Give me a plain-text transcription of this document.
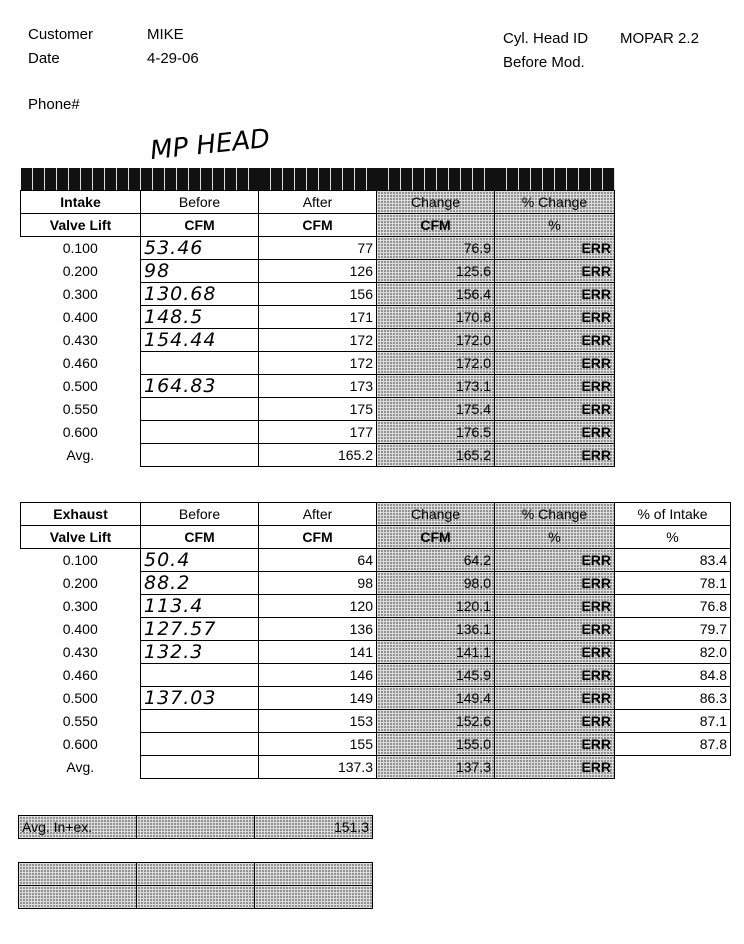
Customer	MIKE
Date	4-29-06
Phone#
Cyl. Head ID MOPAR 2.2
Before Mod.
MP HEAD

Intake	Before	After	Change	% Change
Valve Lift	CFM	CFM	CFM	%
0.100	53.46	77	76.9	ERR
0.200	98	126	125.6	ERR
0.300	130.68	156	156.4	ERR
0.400	148.5	171	170.8	ERR
0.430	154.44	172	172.0	ERR
0.460		172	172.0	ERR
0.500	164.83	173	173.1	ERR
0.550		175	175.4	ERR
0.600		177	176.5	ERR
Avg.		165.2	165.2	ERR
Exhaust	Before	After	Change	% Change	% of Intake
Valve Lift	CFM	CFM	CFM	%	%
0.100	50.4	64	64.2	ERR	83.4
0.200	88.2	98	98.0	ERR	78.1
0.300	113.4	120	120.1	ERR	76.8
0.400	127.57	136	136.1	ERR	79.7
0.430	132.3	141	141.1	ERR	82.0
0.460		146	145.9	ERR	84.8
0.500	137.03	149	149.4	ERR	86.3
0.550		153	152.6	ERR	87.1
0.600		155	155.0	ERR	87.8
Avg.		137.3	137.3	ERR	
Avg. In+ex.		151.3
